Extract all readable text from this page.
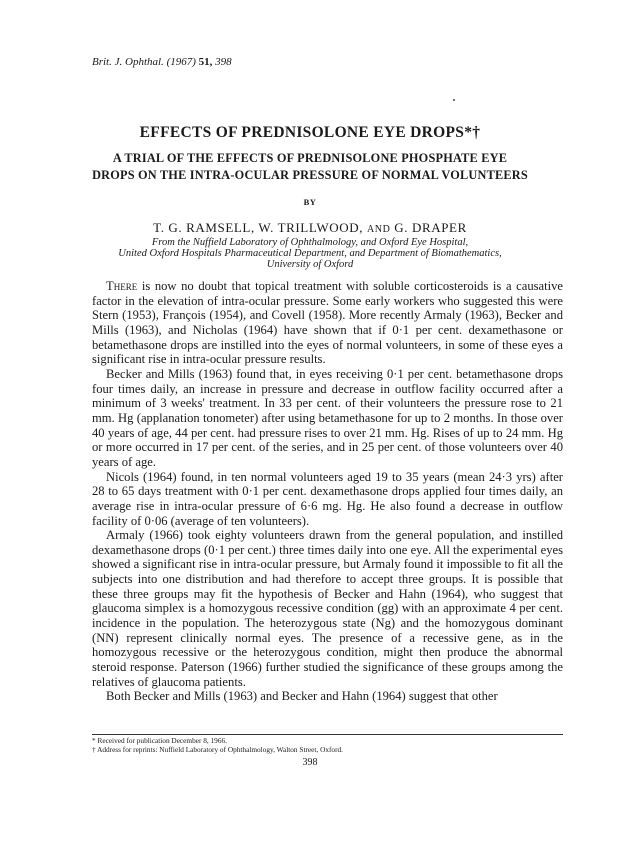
Brit. J. Ophthal. (1967) 51, 398
EFFECTS OF PREDNISOLONE EYE DROPS*†
A TRIAL OF THE EFFECTS OF PREDNISOLONE PHOSPHATE EYE
DROPS ON THE INTRA-OCULAR PRESSURE OF NORMAL VOLUNTEERS
BY
T. G. RAMSELL, W. TRILLWOOD, AND G. DRAPER
From the Nuffield Laboratory of Ophthalmology, and Oxford Eye Hospital,
United Oxford Hospitals Pharmaceutical Department, and Department of Biomathematics,
University of Oxford

There is now no doubt that topical treatment with soluble corticosteroids is a causative factor in the elevation of intra-ocular pressure. Some early workers who suggested this were Stern (1953), François (1954), and Covell (1958). More recently Armaly (1963), Becker and Mills (1963), and Nicholas (1964) have shown that if 0·1 per cent. dexamethasone or betamethasone drops are instilled into the eyes of normal volunteers, in some of these eyes a significant rise in intra-ocular pressure results.

Becker and Mills (1963) found that, in eyes receiving 0·1 per cent. betamethasone drops four times daily, an increase in pressure and decrease in outflow facility occurred after a minimum of 3 weeks' treatment. In 33 per cent. of their volunteers the pressure rose to 21 mm. Hg (applanation tonometer) after using betamethasone for up to 2 months. In those over 40 years of age, 44 per cent. had pressure rises to over 21 mm. Hg. Rises of up to 24 mm. Hg or more occurred in 17 per cent. of the series, and in 25 per cent. of those volunteers over 40 years of age.

Nicols (1964) found, in ten normal volunteers aged 19 to 35 years (mean 24·3 yrs) after 28 to 65 days treatment with 0·1 per cent. dexamethasone drops applied four times daily, an average rise in intra-ocular pressure of 6·6 mg. Hg. He also found a decrease in outflow facility of 0·06 (average of ten volunteers).

Armaly (1966) took eighty volunteers drawn from the general population, and instilled dexamethasone drops (0·1 per cent.) three times daily into one eye. All the experimental eyes showed a significant rise in intra-ocular pressure, but Armaly found it impossible to fit all the subjects into one distribution and had therefore to accept three groups. It is possible that these three groups may fit the hypothesis of Becker and Hahn (1964), who suggest that glaucoma simplex is a homozygous recessive condition (gg) with an approximate 4 per cent. incidence in the population. The heterozygous state (Ng) and the homozygous dominant (NN) represent clinically normal eyes. The presence of a recessive gene, as in the homozygous recessive or the heterozygous condition, might then produce the abnormal steroid response. Paterson (1966) further studied the significance of these groups among the relatives of glaucoma patients.

Both Becker and Mills (1963) and Becker and Hahn (1964) suggest that other

* Received for publication December 8, 1966.
† Address for reprints: Nuffield Laboratory of Ophthalmology, Walton Street, Oxford.
398
